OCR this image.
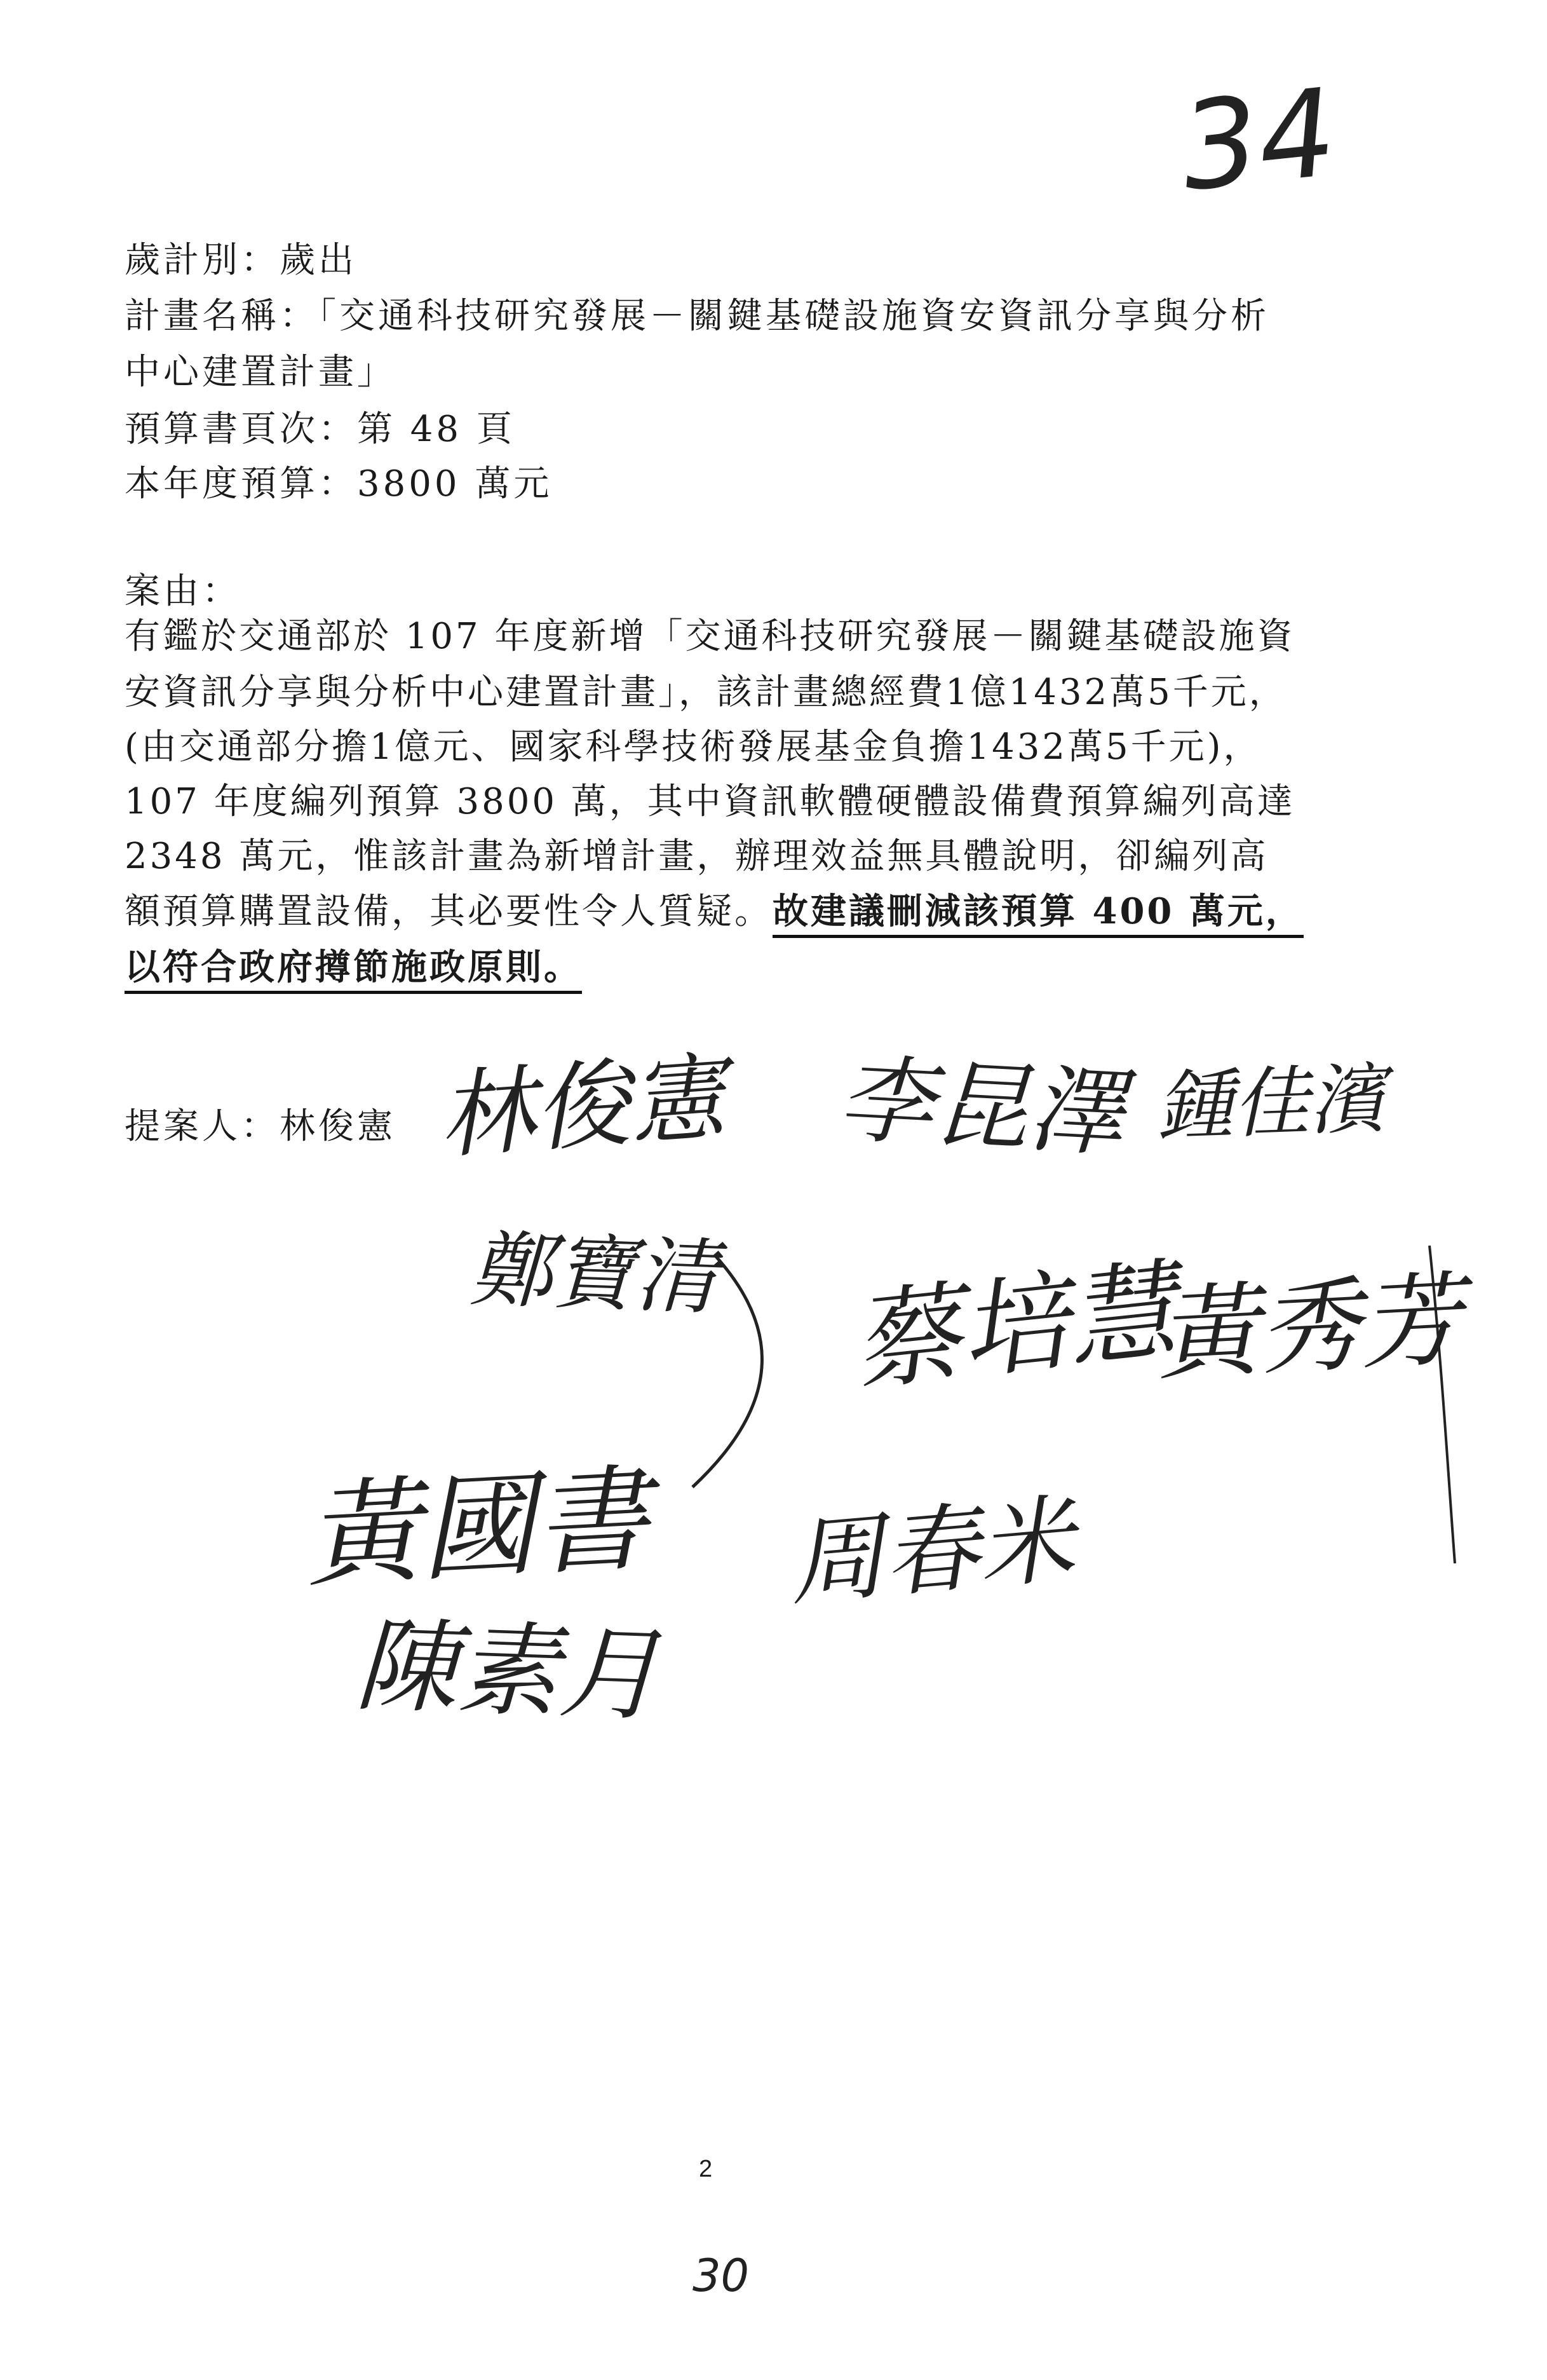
34
歲計別：歲出
計畫名稱：「交通科技研究發展－關鍵基礎設施資安資訊分享與分析
中心建置計畫」
預算書頁次：第 48 頁
本年度預算：3800 萬元
案由：
有鑑於交通部於 107 年度新增「交通科技研究發展－關鍵基礎設施資
安資訊分享與分析中心建置計畫」，該計畫總經費1億1432萬5千元，
(由交通部分擔1億元、國家科學技術發展基金負擔1432萬5千元)，
107 年度編列預算 3800 萬，其中資訊軟體硬體設備費預算編列高達
2348 萬元，惟該計畫為新增計畫，辦理效益無具體說明，卻編列高
額預算購置設備，其必要性令人質疑。故建議刪減該預算 400 萬元，
以符合政府撙節施政原則。
提案人：林俊憲 林俊憲 李昆澤 鍾佳濱
鄭寶清 蔡培慧
黃秀芳
黃國書 周春米
陳素月
2
30
